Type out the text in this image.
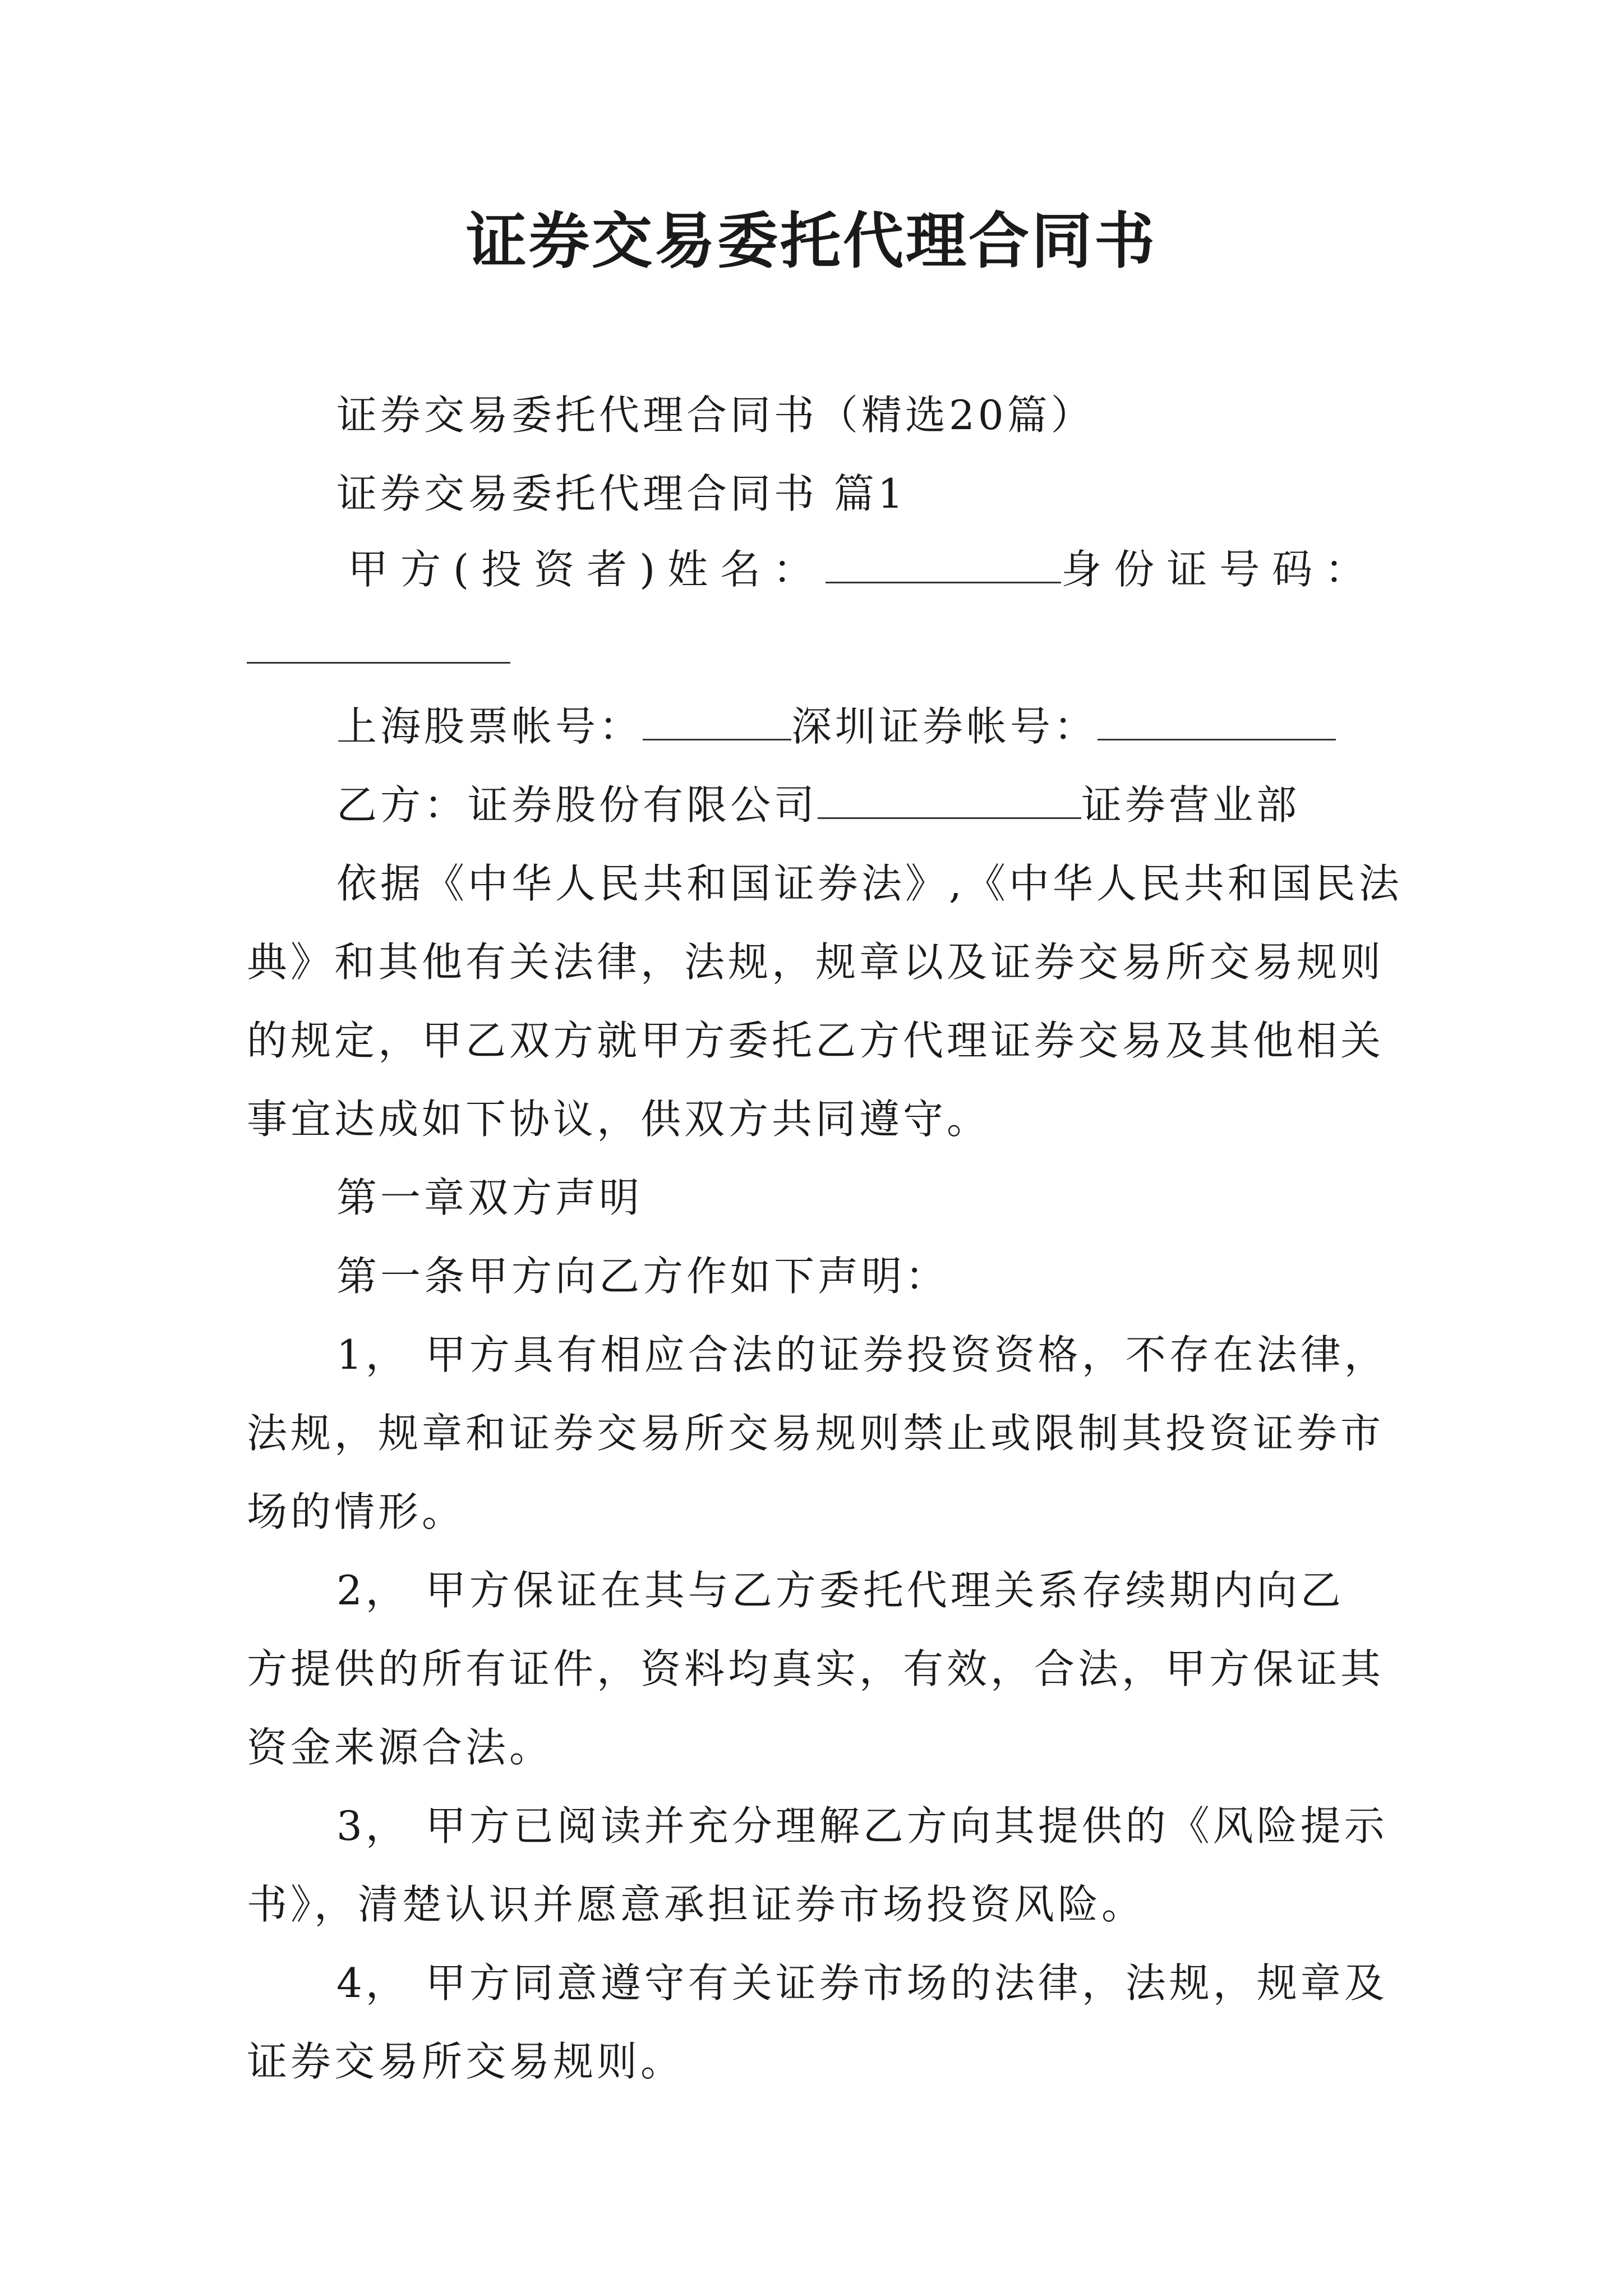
证券交易委托代理合同书
证券交易委托代理合同书（精选20篇）
证券交易委托代理合同书 篇1
甲方(投资者)姓名：	身份证号码：
上海股票帐号：	深圳证券帐号：
乙方：证券股份有限公司	证券营业部
依据《中华人民共和国证券法》,《中华人民共和国民法
典》和其他有关法律，法规，规章以及证券交易所交易规则
的规定，甲乙双方就甲方委托乙方代理证券交易及其他相关
事宜达成如下协议，供双方共同遵守。
第一章双方声明
第一条甲方向乙方作如下声明：
1， 甲方具有相应合法的证券投资资格，不存在法律，
法规，规章和证券交易所交易规则禁止或限制其投资证券市
场的情形。
2， 甲方保证在其与乙方委托代理关系存续期内向乙
方提供的所有证件，资料均真实，有效，合法，甲方保证其
资金来源合法。
3， 甲方已阅读并充分理解乙方向其提供的《风险提示
书》，清楚认识并愿意承担证券市场投资风险。
4， 甲方同意遵守有关证券市场的法律，法规，规章及
证券交易所交易规则。
